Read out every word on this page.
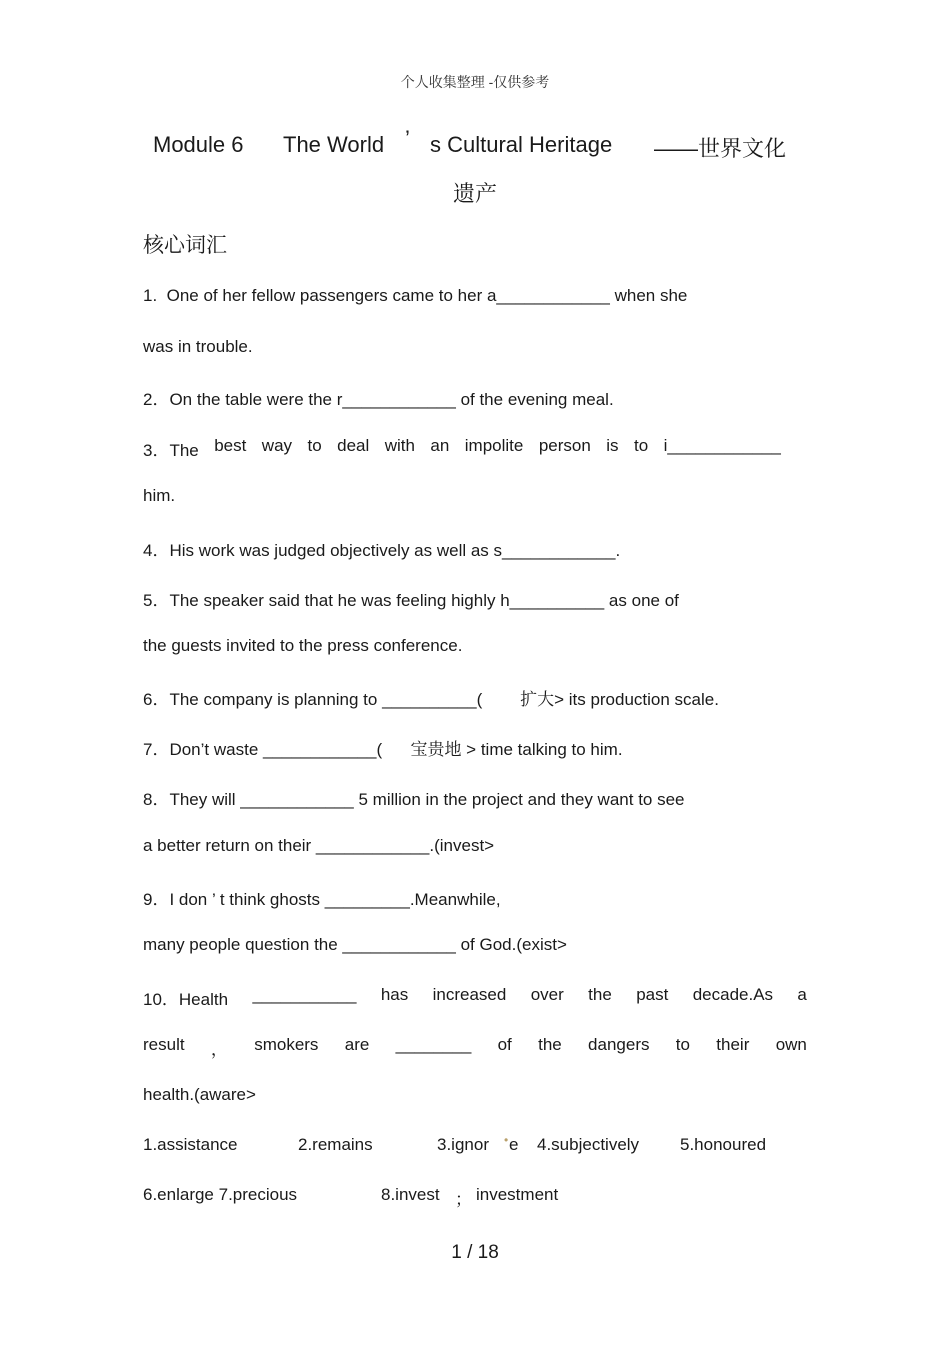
个人收集整理 -仅供参考
Module 6 The World ’ s Cultural Heritage ——世界文化
遗产
核心词汇
1.  One of her fellow passengers came to her a____________ when she
was in trouble.
2．On the table were the r____________ of the evening meal.
3．The best way to deal with an impolite person is to i____________
him.
4．His work was judged objectively as well as s____________.
5．The speaker said that he was feeling highly h__________ as one of
the guests invited to the press conference.
6．The company is planning to __________(        扩大> its production scale.
7．Don’t waste ____________(      宝贵地 > time talking to him.
8．They will ____________ 5 million in the project and they want to see
a better return on their ____________.(invest>
9．I don ’ t think ghosts _________.Meanwhile,
many people question the ____________ of God.(exist>
10．Health ___________ has increased over the past decade.As a
result ， smokers are ________ of the dangers to their own
health.(aware>
1.assistance	2.remains	3.ignor • e 4.subjectively 5.honoured
6.enlarge 7.precious	8.invest ； investment
1 / 18
